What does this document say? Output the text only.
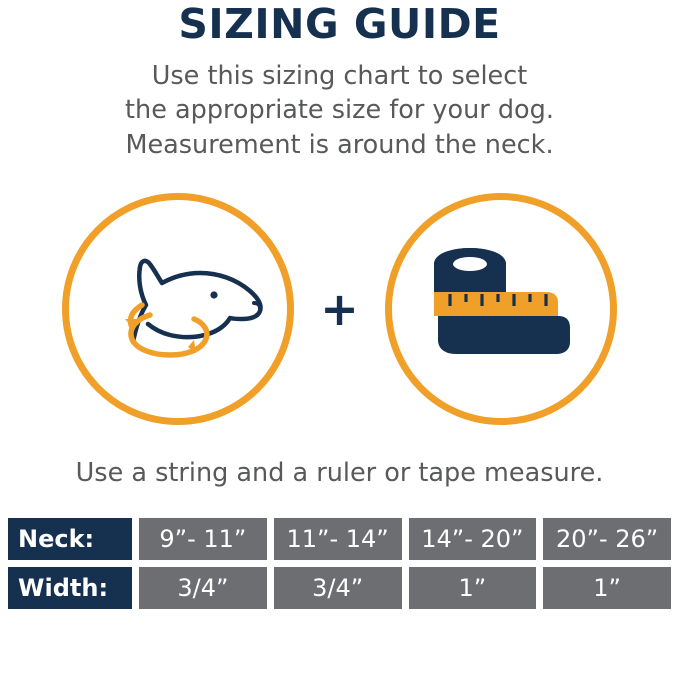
SIZING GUIDE
Use this sizing chart to select
the appropriate size for your dog.
Measurement is around the neck.
+
Use a string and a ruler or tape measure.
Neck:	9”- 11”	11”- 14”	14”- 20”	20”- 26”
Width:	3/4”	3/4”	1”	1”
